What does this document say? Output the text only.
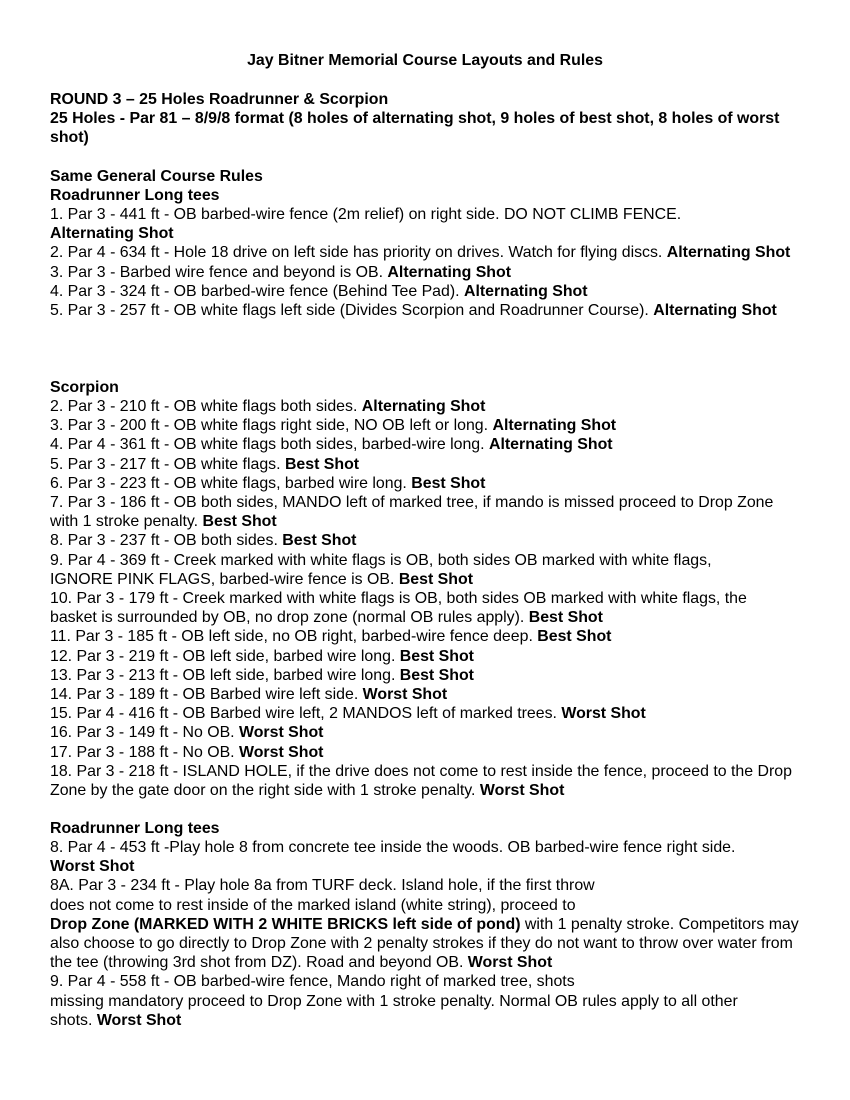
Jay Bitner Memorial Course Layouts and Rules
ROUND 3 – 25 Holes Roadrunner & Scorpion
25 Holes - Par 81 – 8/9/8 format (8 holes of alternating shot, 9 holes of best shot, 8 holes of worst shot)
Same General Course Rules
Roadrunner Long tees

1. Par 3 - 441 ft - OB barbed-wire fence (2m relief) on right side. DO NOT CLIMB FENCE. Alternating Shot

2. Par 4 - 634 ft - Hole 18 drive on left side has priority on drives. Watch for flying discs. Alternating Shot

3. Par 3 - Barbed wire fence and beyond is OB. Alternating Shot

4. Par 3 - 324 ft - OB barbed-wire fence (Behind Tee Pad). Alternating Shot

5. Par 3 - 257 ft - OB white flags left side (Divides Scorpion and Roadrunner Course). Alternating Shot

Scorpion

2. Par 3 - 210 ft - OB white flags both sides. Alternating Shot

3. Par 3 - 200 ft - OB white flags right side, NO OB left or long. Alternating Shot

4. Par 4 - 361 ft - OB white flags both sides, barbed-wire long. Alternating Shot

5. Par 3 - 217 ft - OB white flags. Best Shot

6. Par 3 - 223 ft - OB white flags, barbed wire long. Best Shot

7. Par 3 - 186 ft - OB both sides, MANDO left of marked tree, if mando is missed proceed to Drop Zone with 1 stroke penalty. Best Shot

8. Par 3 - 237 ft - OB both sides. Best Shot

9. Par 4 - 369 ft - Creek marked with white flags is OB, both sides OB marked with white flags, IGNORE PINK FLAGS, barbed-wire fence is OB. Best Shot

10. Par 3 - 179 ft - Creek marked with white flags is OB, both sides OB marked with white flags, the basket is surrounded by OB, no drop zone (normal OB rules apply). Best Shot

11. Par 3 - 185 ft - OB left side, no OB right, barbed-wire fence deep. Best Shot

12. Par 3 - 219 ft - OB left side, barbed wire long. Best Shot

13. Par 3 - 213 ft - OB left side, barbed wire long. Best Shot

14. Par 3 - 189 ft - OB Barbed wire left side. Worst Shot

15. Par 4 - 416 ft - OB Barbed wire left, 2 MANDOS left of marked trees. Worst Shot

16. Par 3 - 149 ft - No OB. Worst Shot

17. Par 3 - 188 ft - No OB. Worst Shot

18. Par 3 - 218 ft - ISLAND HOLE, if the drive does not come to rest inside the fence, proceed to the Drop Zone by the gate door on the right side with 1 stroke penalty. Worst Shot

Roadrunner Long tees

8. Par 4 - 453 ft -Play hole 8 from concrete tee inside the woods. OB barbed-wire fence right side. Worst Shot

8A. Par 3 - 234 ft - Play hole 8a from TURF deck. Island hole, if the first throw

does not come to rest inside of the marked island (white string), proceed to

Drop Zone (MARKED WITH 2 WHITE BRICKS left side of pond) with 1 penalty stroke. Competitors may also choose to go directly to Drop Zone with 2 penalty strokes if they do not want to throw over water from the tee (throwing 3rd shot from DZ). Road and beyond OB. Worst Shot

9. Par 4 - 558 ft - OB barbed-wire fence, Mando right of marked tree, shots

missing mandatory proceed to Drop Zone with 1 stroke penalty. Normal OB rules apply to all other shots. Worst Shot
